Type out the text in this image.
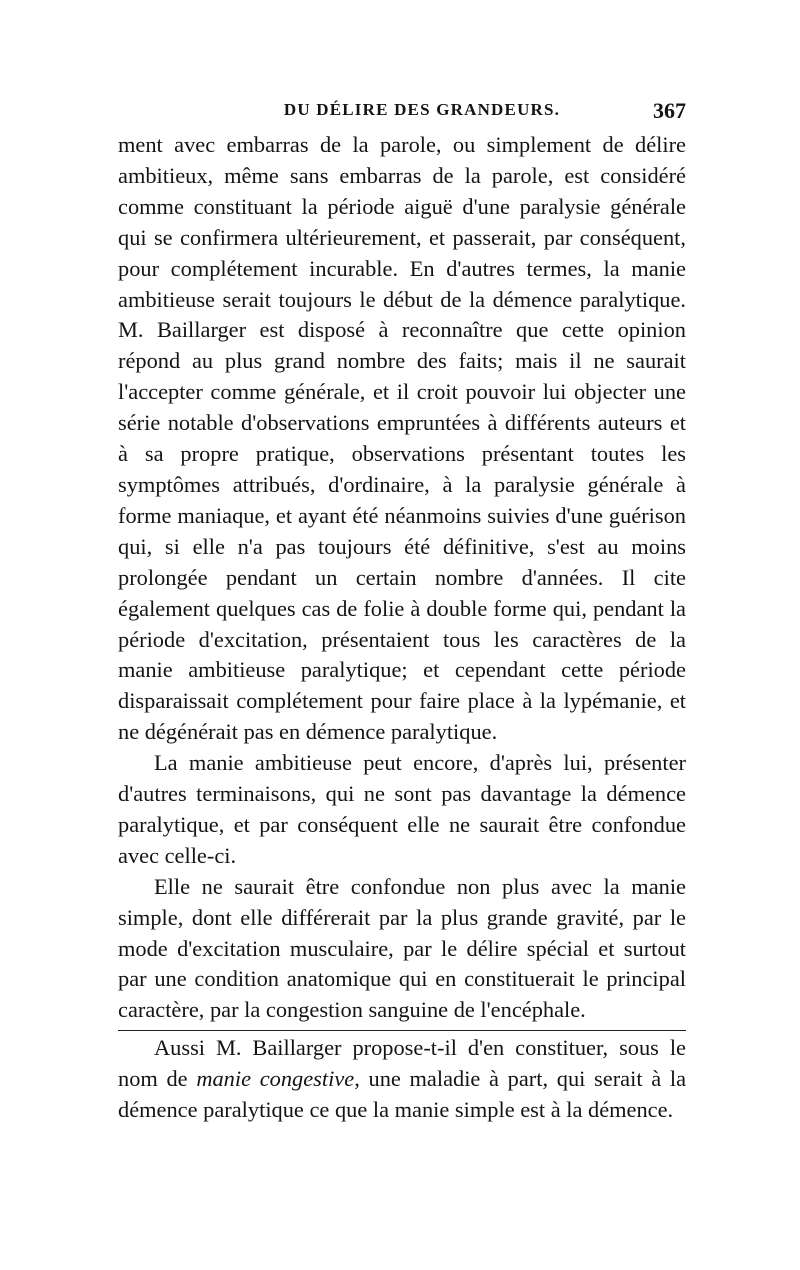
DU DÉLIRE DES GRANDEURS.	367

ment avec embarras de la parole, ou simplement de délire ambitieux, même sans embarras de la parole, est considéré comme constituant la période aiguë d'une paralysie générale qui se confirmera ultérieurement, et passerait, par conséquent, pour complétement incurable. En d'autres termes, la manie ambitieuse serait toujours le début de la démence paralytique. M. Baillarger est disposé à reconnaître que cette opinion répond au plus grand nombre des faits; mais il ne saurait l'accepter comme générale, et il croit pouvoir lui objecter une série notable d'observations empruntées à différents auteurs et à sa propre pratique, observations présentant toutes les symptômes attribués, d'ordinaire, à la paralysie générale à forme maniaque, et ayant été néanmoins suivies d'une guérison qui, si elle n'a pas toujours été définitive, s'est au moins prolongée pendant un certain nombre d'années. Il cite également quelques cas de folie à double forme qui, pendant la période d'excitation, présentaient tous les caractères de la manie ambitieuse paralytique; et cependant cette période disparaissait complétement pour faire place à la lypémanie, et ne dégénérait pas en démence paralytique.

La manie ambitieuse peut encore, d'après lui, présenter d'autres terminaisons, qui ne sont pas davantage la démence paralytique, et par conséquent elle ne saurait être confondue avec celle-ci.

Elle ne saurait être confondue non plus avec la manie simple, dont elle différerait par la plus grande gravité, par le mode d'excitation musculaire, par le délire spécial et surtout par une condition anatomique qui en constituerait le principal caractère, par la congestion sanguine de l'encéphale.

Aussi M. Baillarger propose-t-il d'en constituer, sous le nom de manie congestive, une maladie à part, qui serait à la démence paralytique ce que la manie simple est à la démence.
